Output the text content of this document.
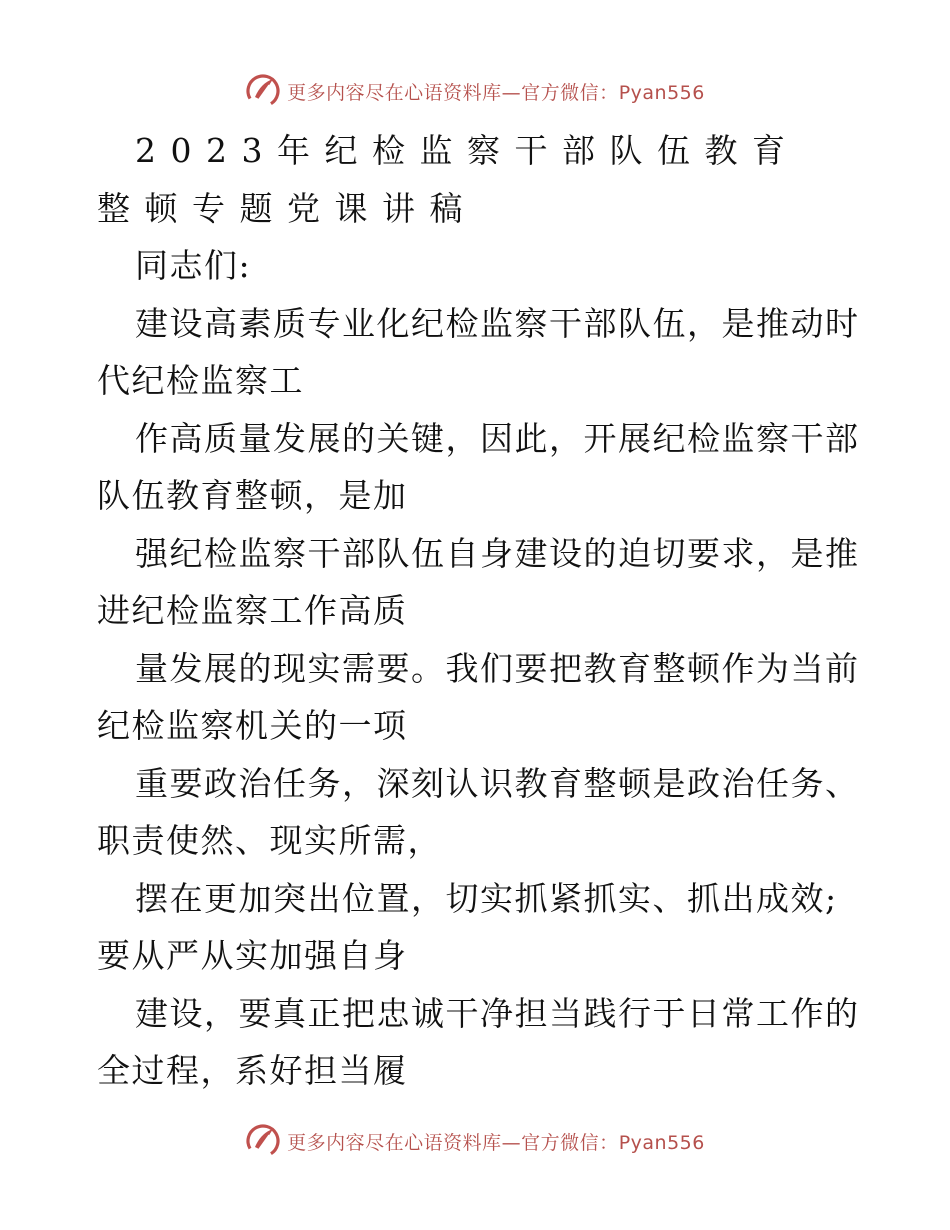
更多内容尽在心语资料库—官方微信：Pyan556

2023年纪检监察干部队伍教育
整顿专题党课讲稿

同志们:

建设高素质专业化纪检监察干部队伍，是推动时
代纪检监察工

作高质量发展的关键，因此，开展纪检监察干部
队伍教育整顿，是加

强纪检监察干部队伍自身建设的迫切要求，是推
进纪检监察工作高质

量发展的现实需要。我们要把教育整顿作为当前
纪检监察机关的一项

重要政治任务，深刻认识教育整顿是政治任务、
职责使然、现实所需，

摆在更加突出位置，切实抓紧抓实、抓出成效;
要从严从实加强自身

建设，要真正把忠诚干净担当践行于日常工作的
全过程，系好担当履

更多内容尽在心语资料库—官方微信：Pyan556
